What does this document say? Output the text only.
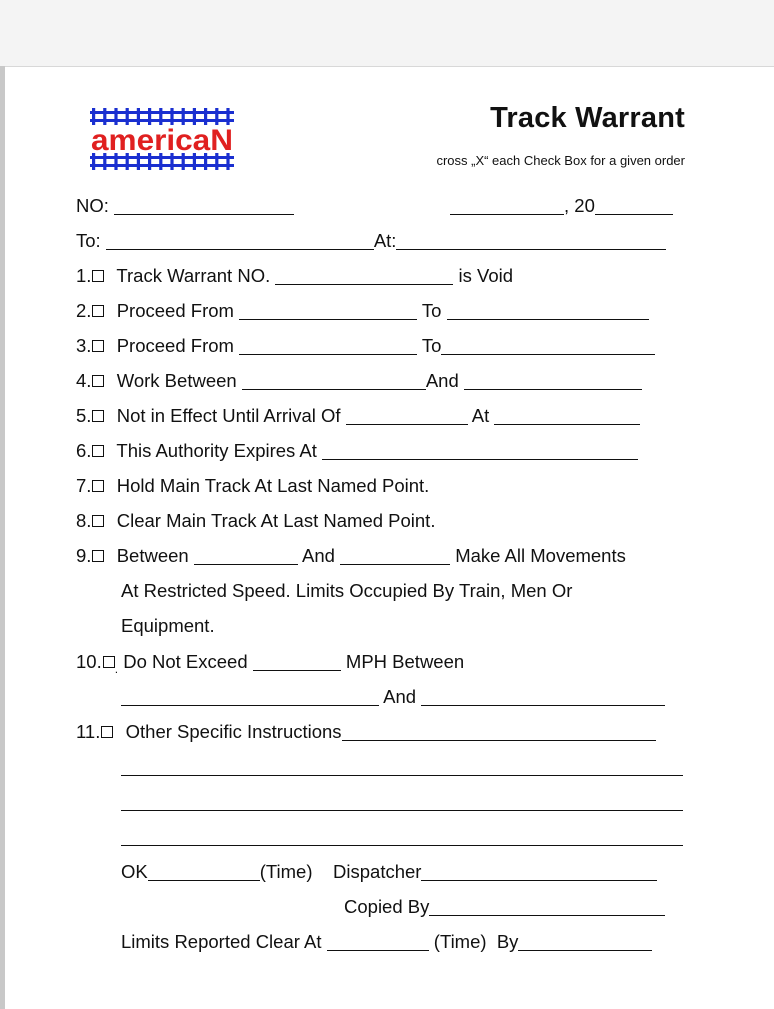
americaN
Track Warrant
cross „X“ each Check Box for a given order
NO:	, 20
To:	At:
1. Track Warrant NO.	is Void
2. Proceed From	To
3. Proceed From	To
4. Work Between	And
5. Not in Effect Until Arrival Of	At
6. This Authority Expires At
7. Hold Main Track At Last Named Point.
8. Clear Main Track At Last Named Point.
9. Between	And	Make All Movements
At Restricted Speed. Limits Occupied By Train, Men Or
Equipment.
10. $_.$ Do Not Exceed	MPH Between
And
11. Other Specific Instructions
OK	(Time) Dispatcher
Copied By
Limits Reported Clear At	(Time) By
